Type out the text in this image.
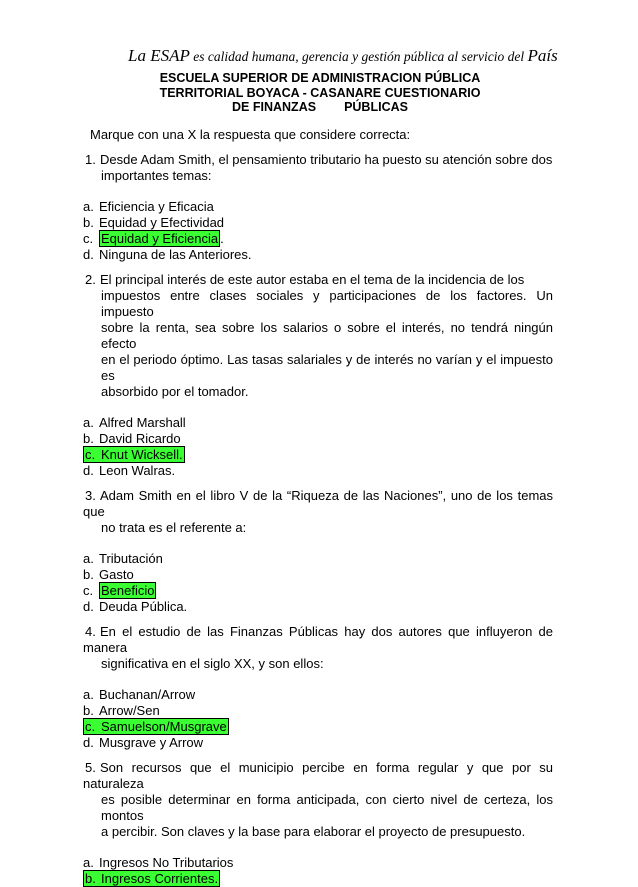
La ESAP es calidad humana, gerencia y gestión pública al servicio del País
ESCUELA SUPERIOR DE ADMINISTRACION PÚBLICA
TERRITORIAL BOYACA - CASANARE CUESTIONARIO
DE FINANZAS PÚBLICAS
Marque con una X la respuesta que considere correcta:
1. Desde Adam Smith, el pensamiento tributario ha puesto su atención sobre dos
importantes temas:
a. Eficiencia y Eficacia
b. Equidad y Efectividad
c. Equidad y Eficiencia .
d. Ninguna de las Anteriores.
2. El principal interés de este autor estaba en el tema de la incidencia de los
impuestos entre clases sociales y participaciones de los factores. Un impuesto
sobre la renta, sea sobre los salarios o sobre el interés, no tendrá ningún efecto
en el periodo óptimo. Las tasas salariales y de interés no varían y el impuesto es
absorbido por el tomador.
a. Alfred Marshall
b. David Ricardo
c. Knut Wicksell.
d. Leon Walras.
3. Adam Smith en el libro V de la “Riqueza de las Naciones”, uno de los temas que
no trata es el referente a:
a. Tributación
b. Gasto
c. Beneficio
d. Deuda Pública.
4. En el estudio de las Finanzas Públicas hay dos autores que influyeron de manera
significativa en el siglo XX, y son ellos:
a. Buchanan/Arrow
b. Arrow/Sen
c. Samuelson/Musgrave
d. Musgrave y Arrow
5. Son recursos que el municipio percibe en forma regular y que por su naturaleza
es posible determinar en forma anticipada, con cierto nivel de certeza, los montos
a percibir. Son claves y la base para elaborar el proyecto de presupuesto.
a. Ingresos No Tributarios
b. Ingresos Corrientes.
